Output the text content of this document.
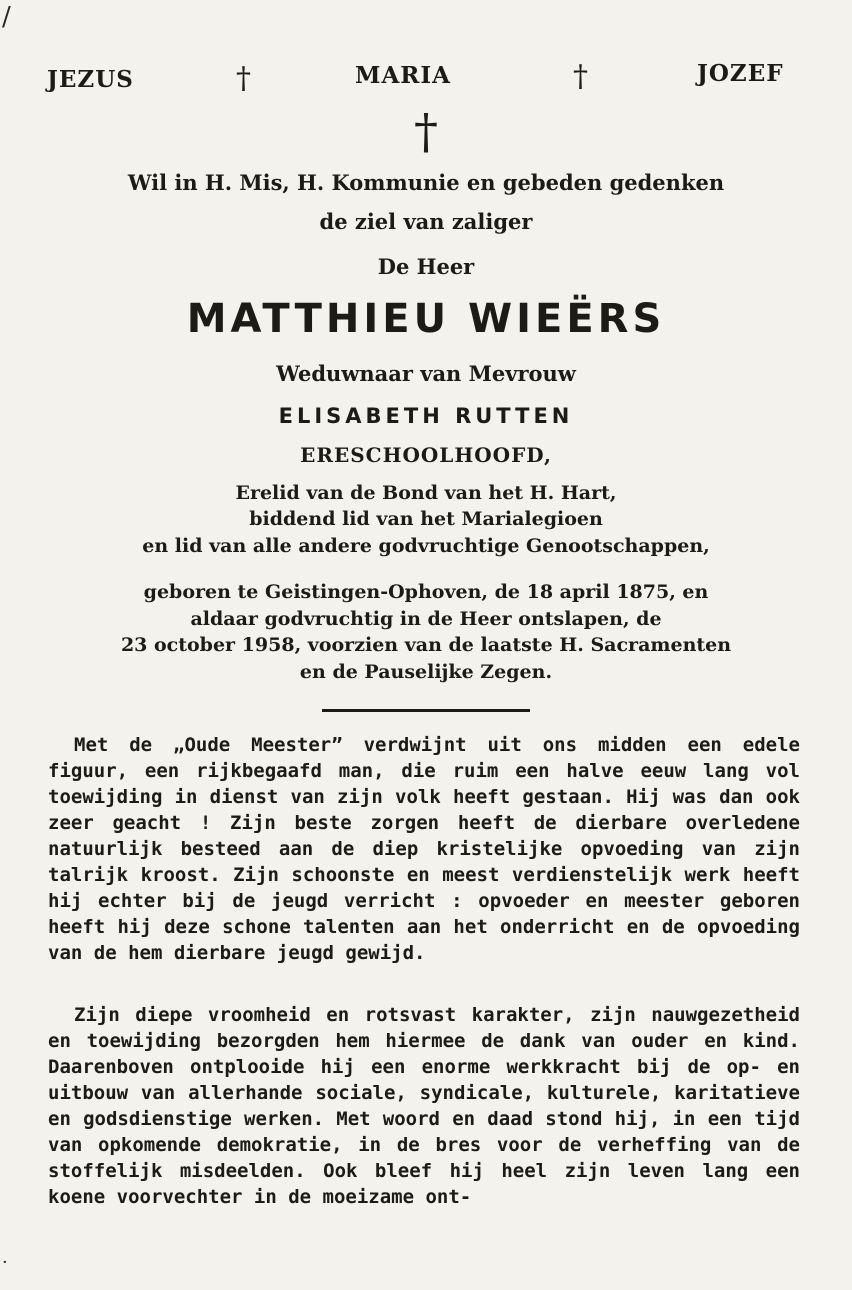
/
JEZUS	†	MARIA	†	JOZEF
†
Wil in H. Mis, H. Kommunie en gebeden gedenken
de ziel van zaliger
De Heer
MATTHIEU WIEËRS
Weduwnaar van Mevrouw
ELISABETH RUTTEN
ERESCHOOLHOOFD,
Erelid van de Bond van het H. Hart,
biddend lid van het Marialegioen
en lid van alle andere godvruchtige Genootschappen,
geboren te Geistingen-Ophoven, de 18 april 1875, en
aldaar godvruchtig in de Heer ontslapen, de
23 october 1958, voorzien van de laatste H. Sacramenten
en de Pauselijke Zegen.
Met de „Oude Meester” verdwijnt uit ons midden een edele figuur, een rijkbegaafd man, die ruim een halve eeuw lang vol toewijding in dienst van zijn volk heeft gestaan. Hij was dan ook zeer geacht ! Zijn beste zorgen heeft de dierbare overledene natuurlijk besteed aan de diep kristelijke opvoeding van zijn talrijk kroost. Zijn schoonste en meest verdienstelijk werk heeft hij echter bij de jeugd verricht : opvoeder en meester geboren heeft hij deze schone talenten aan het onderricht en de opvoeding van de hem dierbare jeugd gewijd.
Zijn diepe vroomheid en rotsvast karakter, zijn nauwgezetheid en toewijding bezorgden hem hiermee de dank van ouder en kind. Daarenboven ontplooide hij een enorme werkkracht bij de op- en uitbouw van allerhande sociale, syndicale, kulturele, karitatieve en godsdienstige werken. Met woord en daad stond hij, in een tijd van opkomende demokratie, in de bres voor de verheffing van de stoffelijk misdeelden. Ook bleef hij heel zijn leven lang een koene voorvechter in de moeizame ont-
·
